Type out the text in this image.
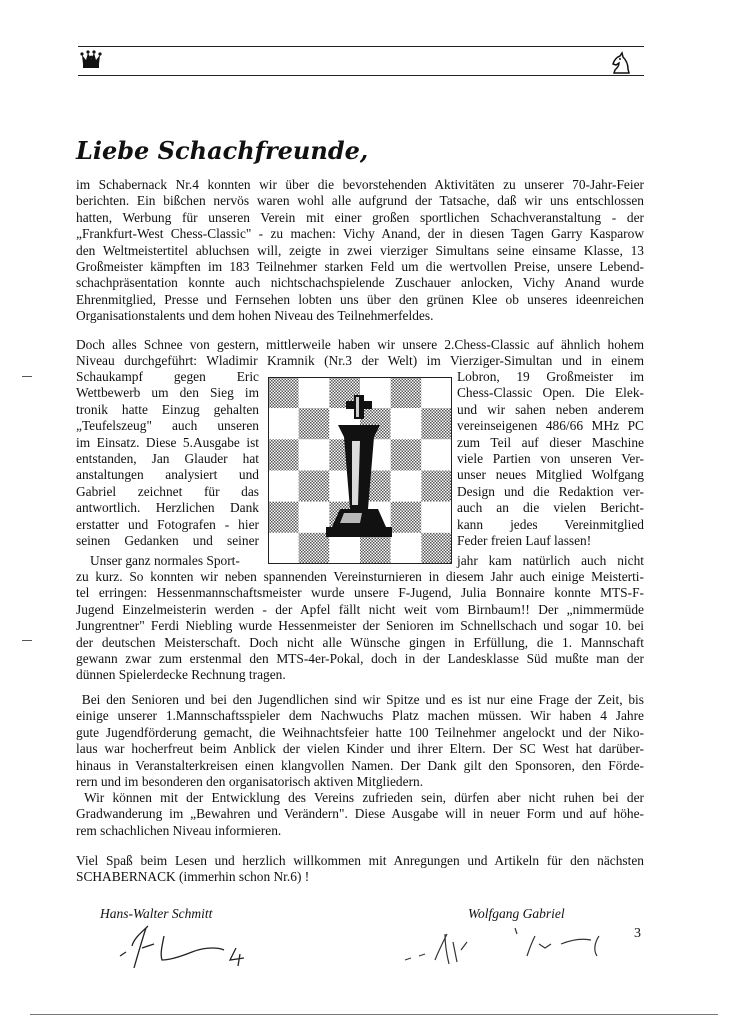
Liebe Schachfreunde,
im Schabernack Nr.4 konnten wir über die bevorstehenden Aktivitäten zu unserer 70-Jahr-Feier
berichten. Ein bißchen nervös waren wohl alle aufgrund der Tatsache, daß wir uns entschlossen
hatten, Werbung für unseren Verein mit einer großen sportlichen Schachveranstaltung - der
„Frankfurt-West Chess-Classic" - zu machen: Vichy Anand, der in diesen Tagen Garry Kasparow
den Weltmeistertitel abluchsen will, zeigte in zwei vierziger Simultans seine einsame Klasse, 13
Großmeister kämpften im 183 Teilnehmer starken Feld um die wertvollen Preise, unsere Lebend-
schachpräsentation konnte auch nichtschachspielende Zuschauer anlocken, Vichy Anand wurde
Ehrenmitglied, Presse und Fernsehen lobten uns über den grünen Klee ob unseres ideenreichen
Organisationstalents und dem hohen Niveau des Teilnehmerfeldes.
Doch alles Schnee von gestern, mittlerweile haben wir unsere 2.Chess-Classic auf ähnlich hohem
Niveau durchgeführt: Wladimir Kramnik (Nr.3 der Welt) im Vierziger-Simultan und in einem
Schaukampf gegen Eric
Wettbewerb um den Sieg im
tronik hatte Einzug gehalten
„Teufelszeug" auch unseren
im Einsatz. Diese 5.Ausgabe ist
entstanden, Jan Glauder hat
anstaltungen analysiert und
Gabriel zeichnet für das
antwortlich. Herzlichen Dank
erstatter und Fotografen - hier
seinen Gedanken und seiner
Lobron, 19 Großmeister im
Chess-Classic Open. Die Elek-
und wir sahen neben anderem
vereinseigenen 486/66 MHz PC
zum Teil auf dieser Maschine
viele Partien von unseren Ver-
unser neues Mitglied Wolfgang
Design und die Redaktion ver-
auch an die vielen Bericht-
kann jedes Vereinmitglied
Feder freien Lauf lassen!
Unser ganz normales Sport-	jahr kam natürlich auch nicht
zu kurz. So konnten wir neben spannenden Vereinsturnieren in diesem Jahr auch einige Meisterti-
tel erringen: Hessenmannschaftsmeister wurde unsere F-Jugend, Julia Bonnaire konnte MTS-F-
Jugend Einzelmeisterin werden - der Apfel fällt nicht weit vom Birnbaum!! Der „nimmermüde
Jungrentner" Ferdi Niebling wurde Hessenmeister der Senioren im Schnellschach und sogar 10. bei
der deutschen Meisterschaft. Doch nicht alle Wünsche gingen in Erfüllung, die 1. Mannschaft
gewann zwar zum erstenmal den MTS-4er-Pokal, doch in der Landesklasse Süd mußte man der
dünnen Spielerdecke Rechnung tragen.
Bei den Senioren und bei den Jugendlichen sind wir Spitze und es ist nur eine Frage der Zeit, bis
einige unserer 1.Mannschaftsspieler dem Nachwuchs Platz machen müssen. Wir haben 4 Jahre
gute Jugendförderung gemacht, die Weihnachtsfeier hatte 100 Teilnehmer angelockt und der Niko-
laus war hocherfreut beim Anblick der vielen Kinder und ihrer Eltern. Der SC West hat darüber-
hinaus in Veranstalterkreisen einen klangvollen Namen. Der Dank gilt den Sponsoren, den Förde-
rern und im besonderen den organisatorisch aktiven Mitgliedern.
Wir können mit der Entwicklung des Vereins zufrieden sein, dürfen aber nicht ruhen bei der
Gradwanderung im „Bewahren und Verändern". Diese Ausgabe will in neuer Form und auf höhe-
rem schachlichen Niveau informieren.
Viel Spaß beim Lesen und herzlich willkommen mit Anregungen und Artikeln für den nächsten
SCHABERNACK (immerhin schon Nr.6) !
Hans-Walter Schmitt	Wolfgang Gabriel
3
